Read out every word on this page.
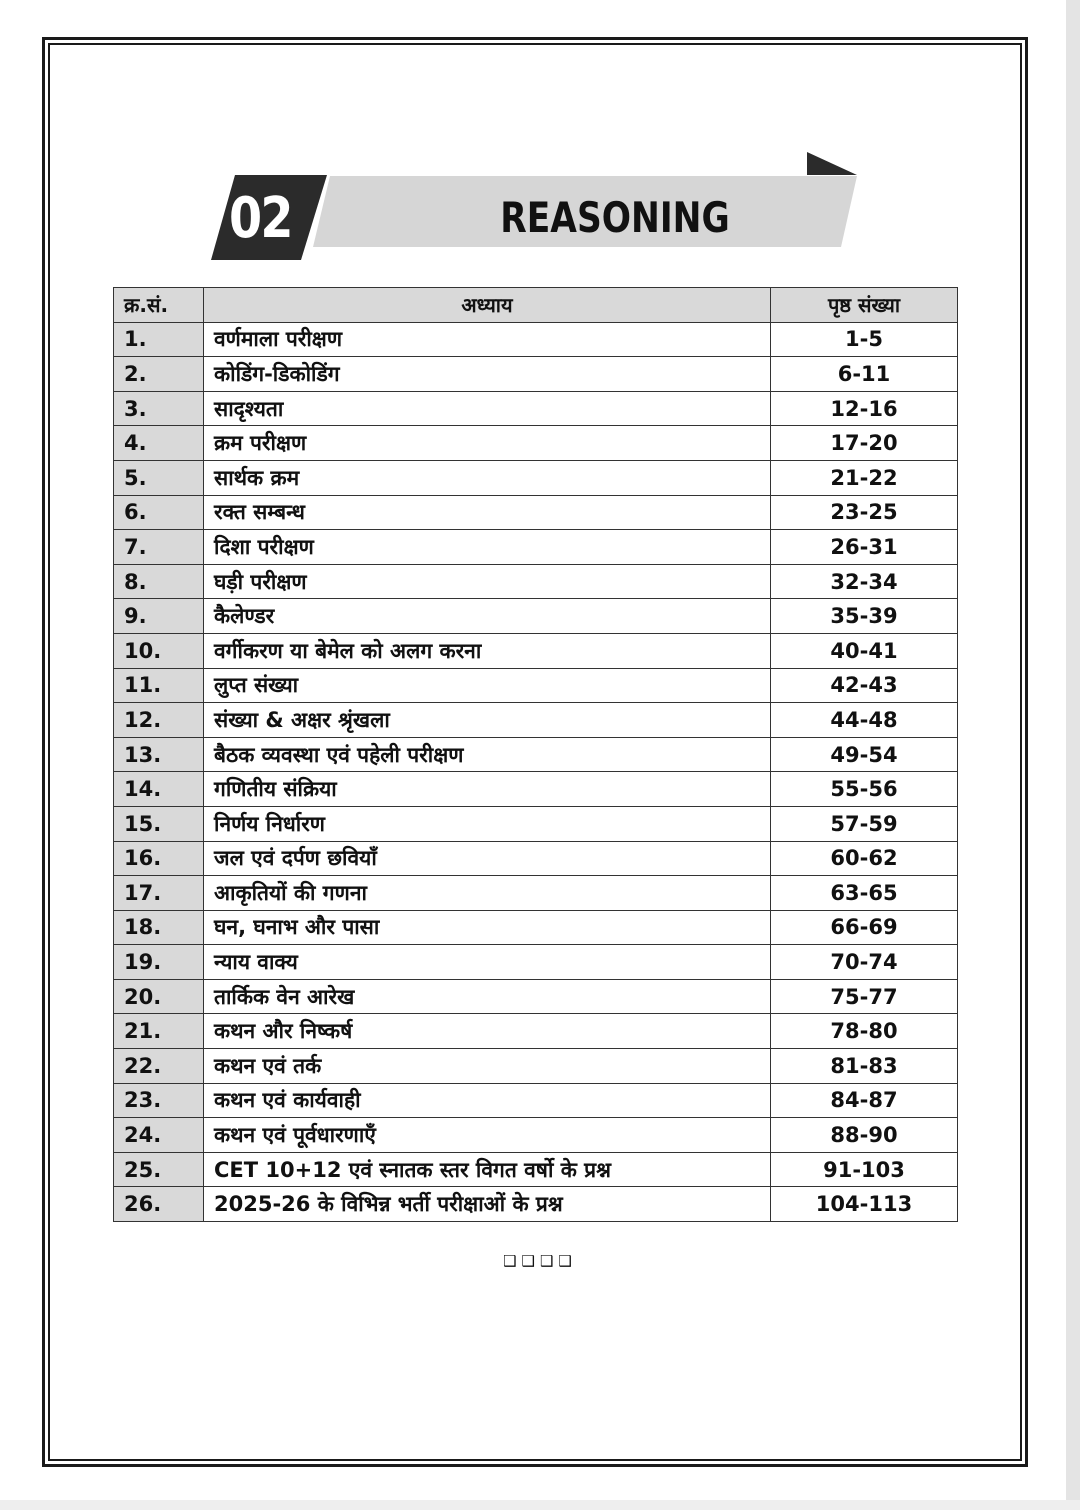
02	REASONING
क्र.सं.	अध्याय	पृष्ठ संख्या
1.	वर्णमाला परीक्षण	1-5
2.	कोडिंग-डिकोडिंग	6-11
3.	सादृश्यता	12-16
4.	क्रम परीक्षण	17-20
5.	सार्थक क्रम	21-22
6.	रक्त सम्बन्ध	23-25
7.	दिशा परीक्षण	26-31
8.	घड़ी परीक्षण	32-34
9.	कैलेण्डर	35-39
10.	वर्गीकरण या बेमेल को अलग करना	40-41
11.	लुप्त संख्या	42-43
12.	संख्या & अक्षर श्रृंखला	44-48
13.	बैठक व्यवस्था एवं पहेली परीक्षण	49-54
14.	गणितीय संक्रिया	55-56
15.	निर्णय निर्धारण	57-59
16.	जल एवं दर्पण छवियाँ	60-62
17.	आकृतियों की गणना	63-65
18.	घन, घनाभ और पासा	66-69
19.	न्याय वाक्य	70-74
20.	तार्किक वेन आरेख	75-77
21.	कथन और निष्कर्ष	78-80
22.	कथन एवं तर्क	81-83
23.	कथन एवं कार्यवाही	84-87
24.	कथन एवं पूर्वधारणाएँ	88-90
25.	CET 10+12 एवं स्नातक स्तर विगत वर्षो के प्रश्न	91-103
26.	2025-26 के विभिन्न भर्ती परीक्षाओं के प्रश्न	104-113
❑❑❑❑
